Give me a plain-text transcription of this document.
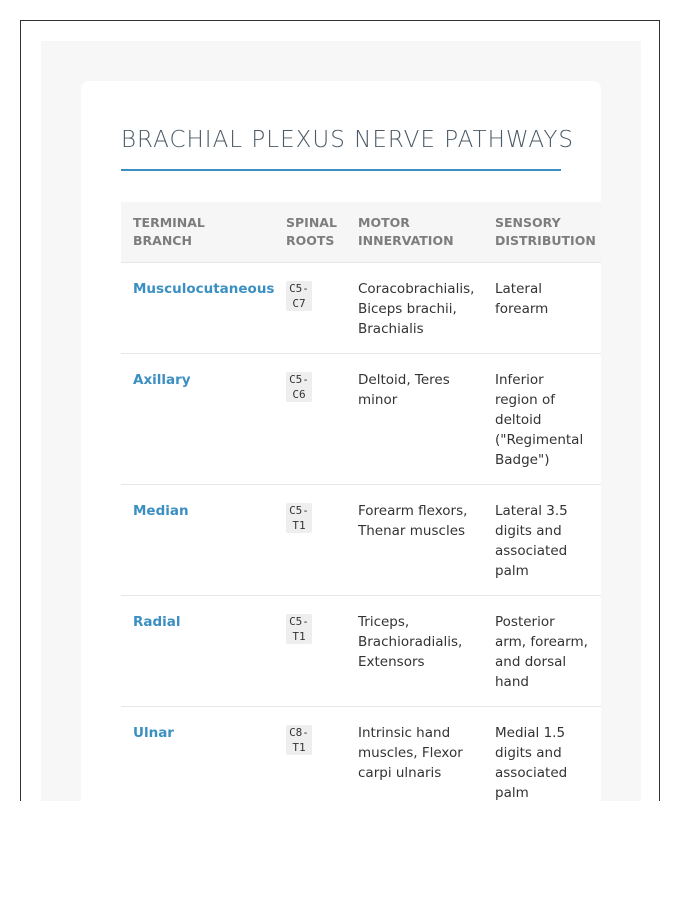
BRACHIAL PLEXUS NERVE PATHWAYS
TERMINAL BRANCH	SPINAL ROOTS	MOTOR INNERVATION	SENSORY DISTRIBUTION
Musculocutaneous	C5-C7	Coracobrachialis, Biceps brachii, Brachialis	Lateral forearm
Axillary	C5-C6	Deltoid, Teres minor	Inferior region of deltoid ("Regimental Badge")
Median	C5-T1	Forearm flexors, Thenar muscles	Lateral 3.5 digits and associated palm
Radial	C5-T1	Triceps, Brachioradialis, Extensors	Posterior arm, forearm, and dorsal hand
Ulnar	C8-T1	Intrinsic hand muscles, Flexor carpi ulnaris	Medial 1.5 digits and associated palm
